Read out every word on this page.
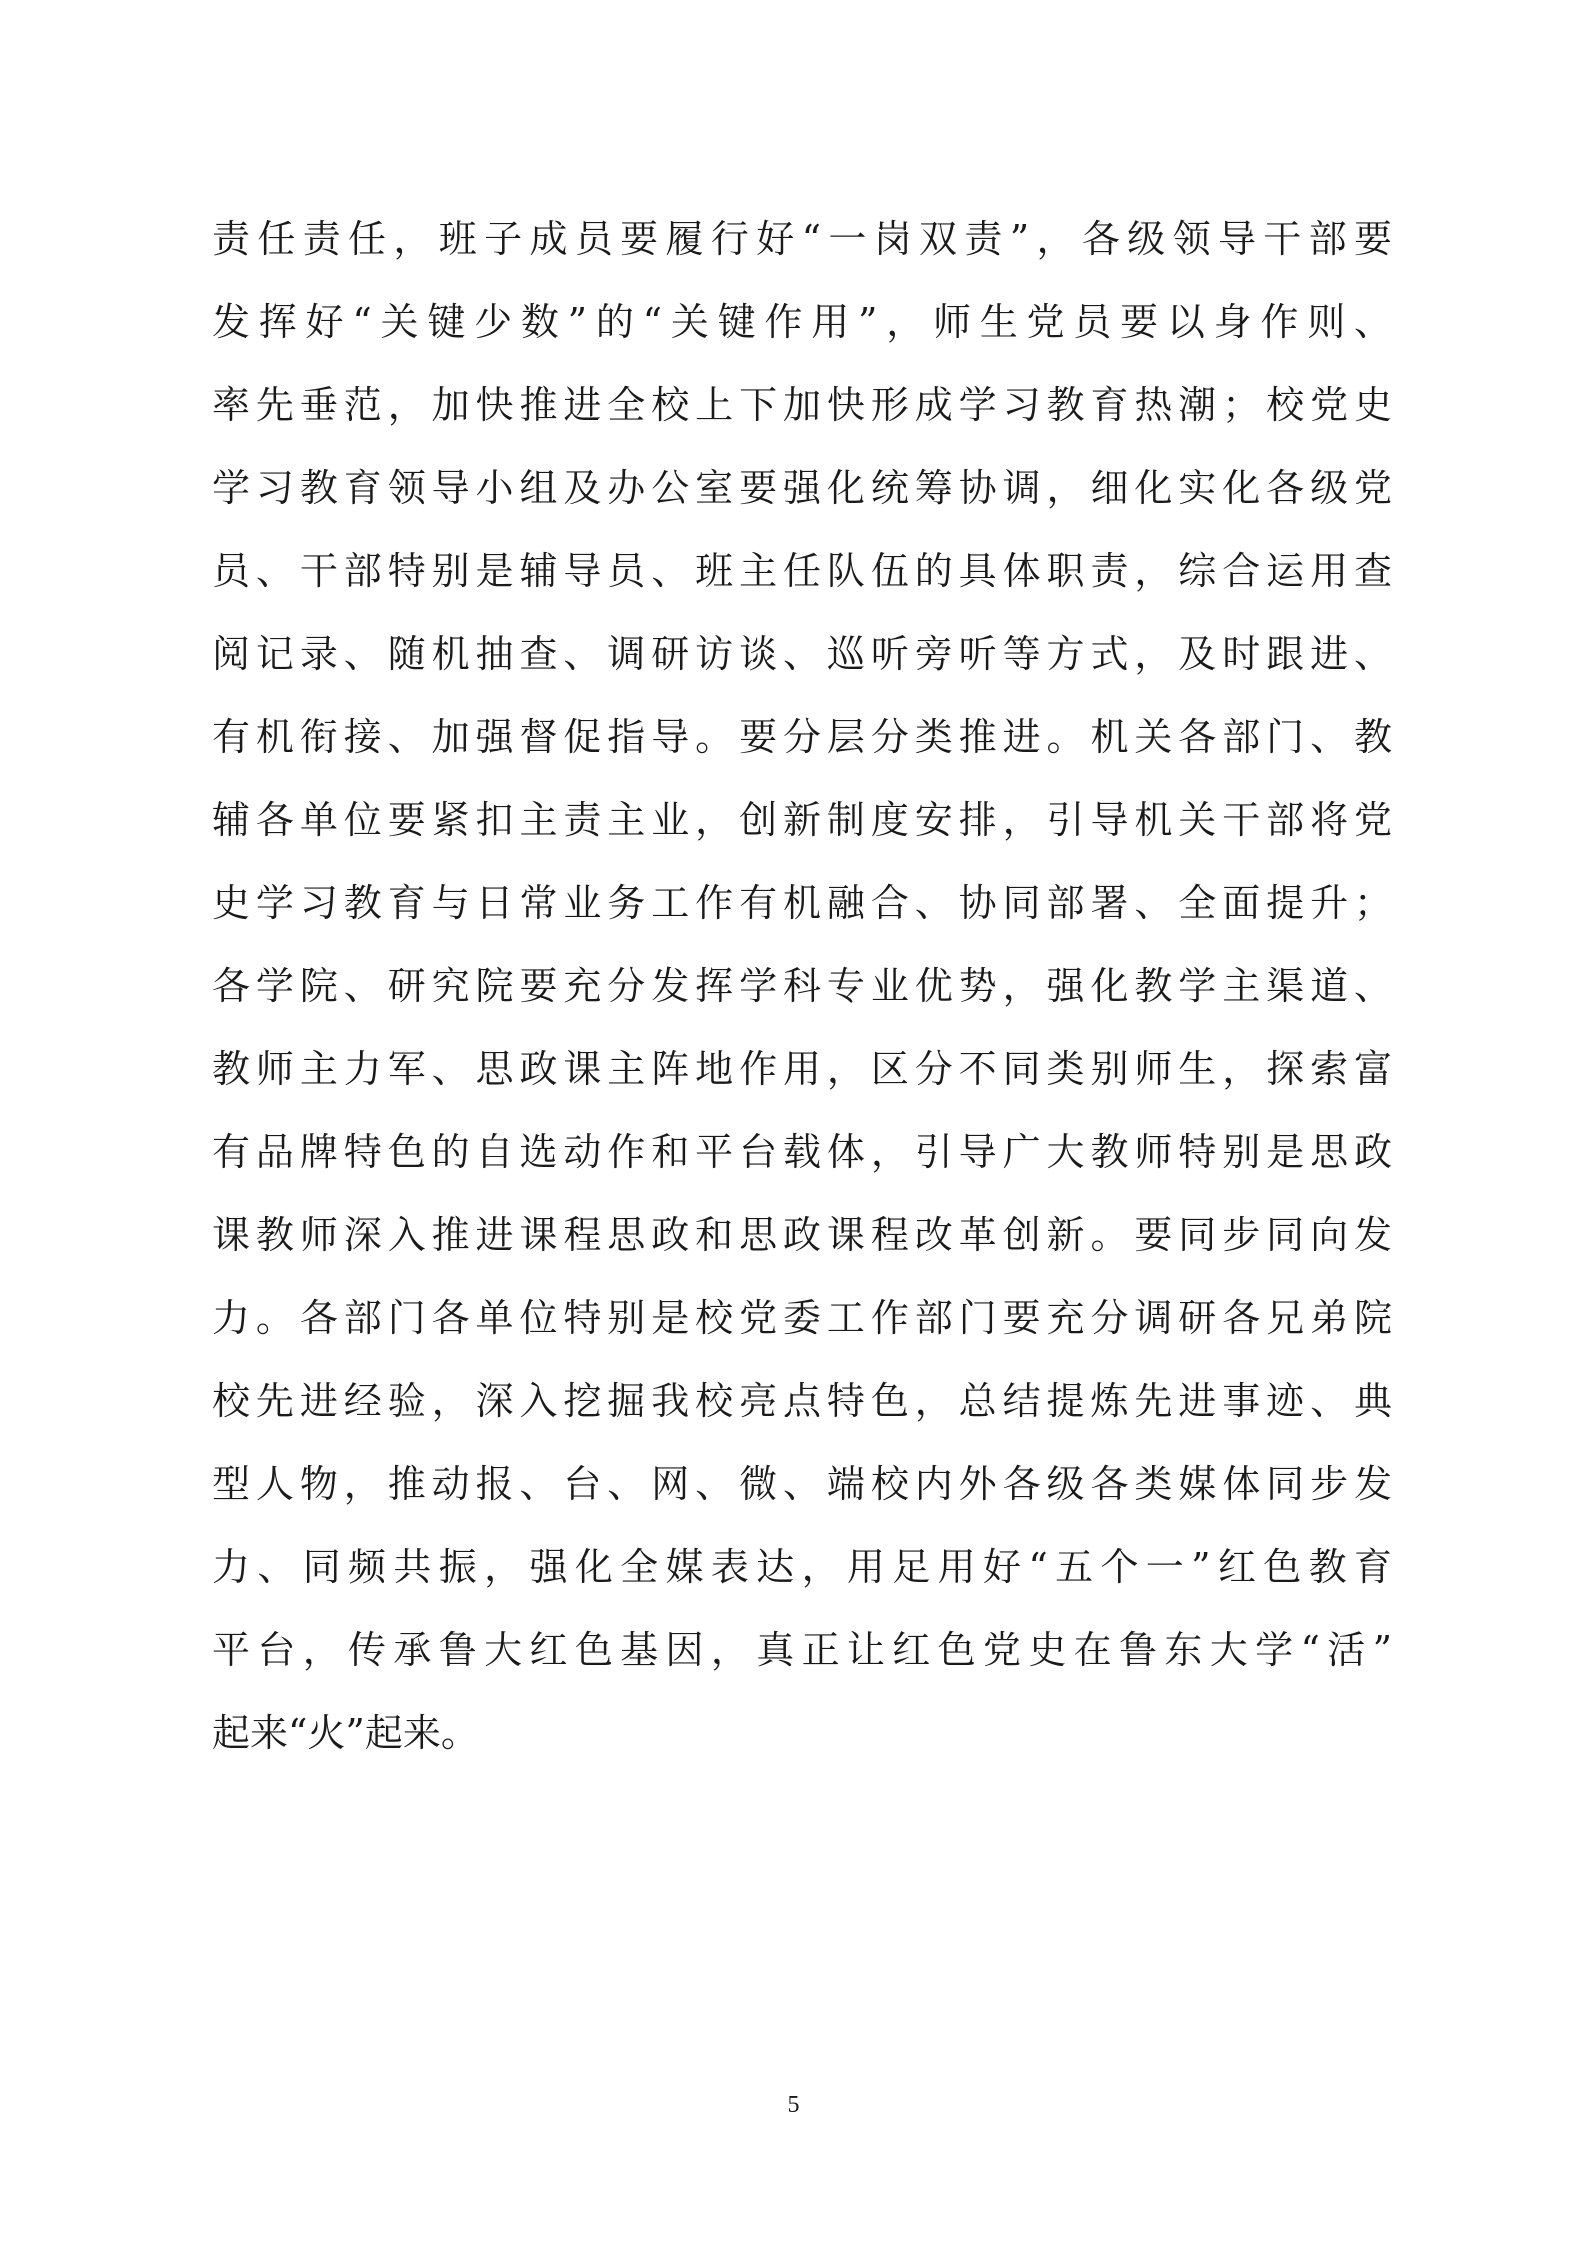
责任责任，班子成员要履行好“一岗双责”，各级领导干部要
发挥好“关键少数”的“关键作用”，师生党员要以身作则、
率先垂范，加快推进全校上下加快形成学习教育热潮；校党史
学习教育领导小组及办公室要强化统筹协调，细化实化各级党
员、干部特别是辅导员、班主任队伍的具体职责，综合运用查
阅记录、随机抽查、调研访谈、巡听旁听等方式，及时跟进、
有机衔接、加强督促指导。要分层分类推进。机关各部门、教
辅各单位要紧扣主责主业，创新制度安排，引导机关干部将党
史学习教育与日常业务工作有机融合、协同部署、全面提升；
各学院、研究院要充分发挥学科专业优势，强化教学主渠道、
教师主力军、思政课主阵地作用，区分不同类别师生，探索富
有品牌特色的自选动作和平台载体，引导广大教师特别是思政
课教师深入推进课程思政和思政课程改革创新。要同步同向发
力。各部门各单位特别是校党委工作部门要充分调研各兄弟院
校先进经验，深入挖掘我校亮点特色，总结提炼先进事迹、典
型人物，推动报、台、网、微、端校内外各级各类媒体同步发
力、同频共振，强化全媒表达，用足用好“五个一”红色教育
平台，传承鲁大红色基因，真正让红色党史在鲁东大学“活”
起来“火”起来。
5
